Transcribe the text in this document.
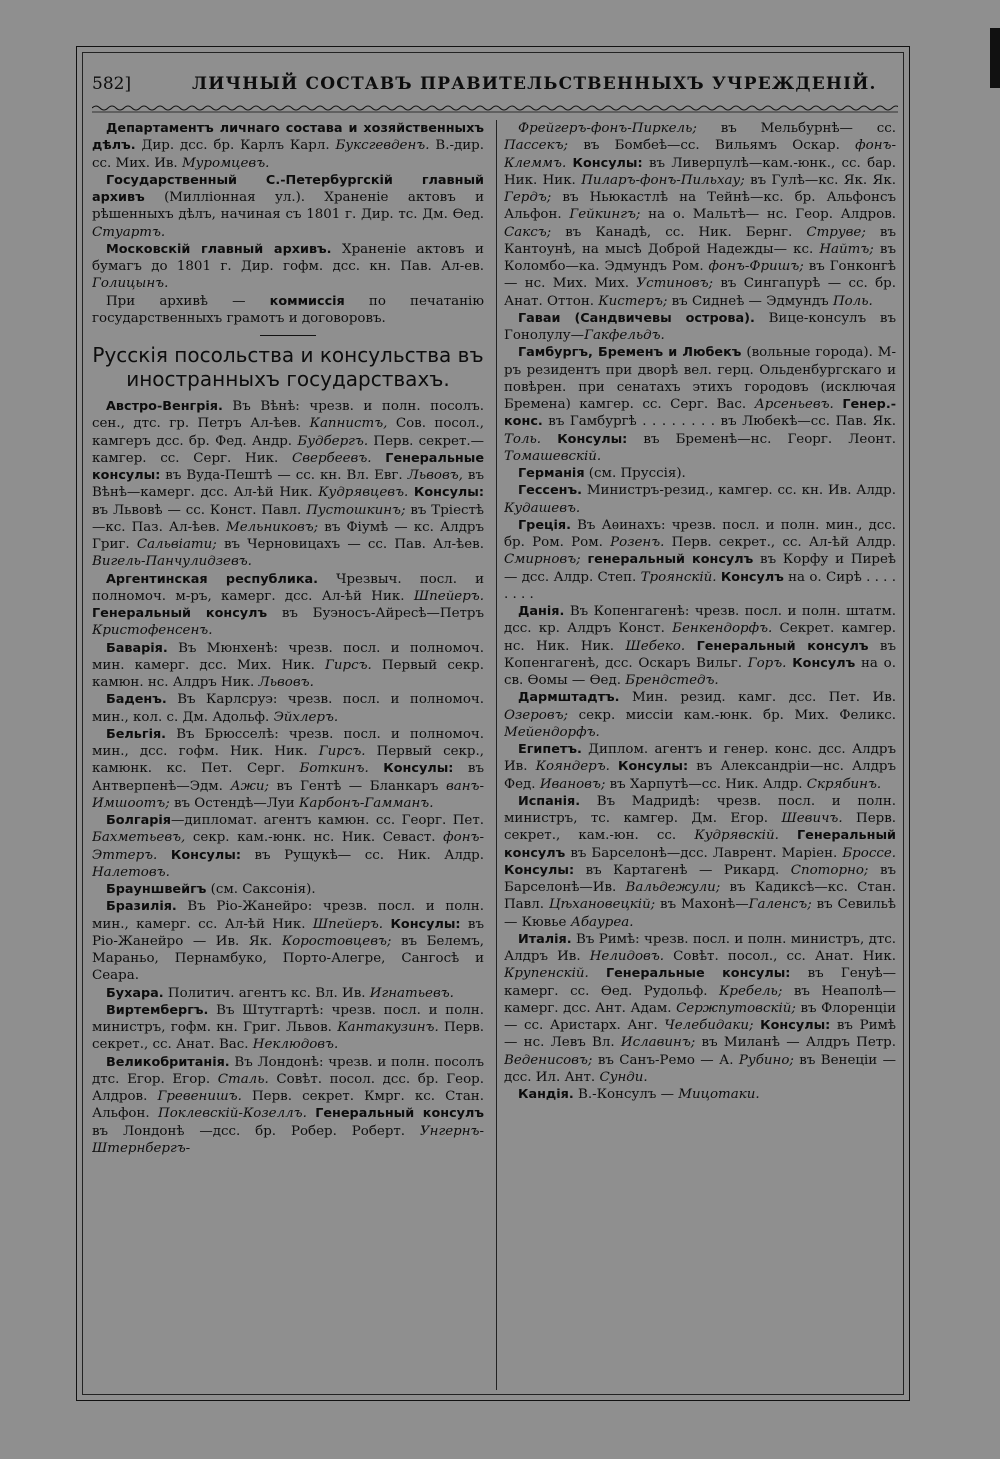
582]	ЛИЧНЫЙ СОСТАВЪ ПРАВИТЕЛЬСТВЕННЫХЪ УЧРЕЖДЕНІЙ.

Департаментъ личнаго состава и хозяйственныхъ дѣлъ. Дир. дсс. бр. Карлъ Карл. Буксгевденъ. В.-дир. сс. Мих. Ив. Муромцевъ.

Государственный С.-Петербургскій главный архивъ (Милліонная ул.). Храненіе актовъ и рѣшенныхъ дѣлъ, начиная съ 1801 г. Дир. тс. Дм. Ѳед. Стуартъ.

Московскій главный архивъ. Храненіе актовъ и бумагъ до 1801 г. Дир. гофм. дсс. кн. Пав. Ал-ев. Голицынъ.

При архивѣ — коммиссія по печатанію государственныхъ грамотъ и договоровъ.

Русскія посольства и консульства въ иностранныхъ государствахъ.

Австро-Венгрія. Въ Вѣнѣ: чрезв. и полн. посолъ. сен., дтс. гр. Петръ Ал-ѣев. Капнистъ, Сов. посол., камгеръ дсс. бр. Фед. Андр. Будбергъ. Перв. секрет.—камгер. сс. Серг. Ник. Свербеевъ. Генеральные консулы: въ Вуда-Пештѣ — сс. кн. Вл. Евг. Львовъ, въ Вѣнѣ—камерг. дсс. Ал-ѣй Ник. Кудрявцевъ. Консулы: въ Львовѣ — сс. Конст. Павл. Пустошкинъ; въ Тріестѣ—кс. Паз. Ал-ѣев. Мельниковъ; въ Фіумѣ — кс. Алдръ Григ. Сальвіати; въ Черновицахъ — сс. Пав. Ал-ѣев. Вигель-Панчулидзевъ.

Аргентинская республика. Чрезвыч. посл. и полномоч. м-ръ, камерг. дсс. Ал-ѣй Ник. Шпейеръ. Генеральный консулъ въ Буэносъ-Айресѣ—Петръ Кристофенсенъ.

Баварія. Въ Мюнхенѣ: чрезв. посл. и полномоч. мин. камерг. дсс. Мих. Ник. Гирсъ. Первый секр. камюн. нс. Алдръ Ник. Львовъ.

Баденъ. Въ Карлсруэ: чрезв. посл. и полномоч. мин., кол. с. Дм. Адольф. Эйхлеръ.

Бельгія. Въ Брюсселѣ: чрезв. посл. и полномоч. мин., дсс. гофм. Ник. Ник. Гирсъ. Первый секр., камюнк. кс. Пет. Серг. Боткинъ. Консулы: въ Антверпенѣ—Эдм. Ажи; въ Гентѣ — Бланкаръ ванъ-Имшоотъ; въ Остендѣ—Луи Карбонъ-Гамманъ.

Болгарія—дипломат. агентъ камюн. сс. Георг. Пет. Бахметьевъ, секр. кам.-юнк. нс. Ник. Севаст. фонъ-Эттеръ. Консулы: въ Рущукѣ— сс. Ник. Алдр. Налетовъ.

Брауншвейгъ (см. Саксонія).

Бразилія. Въ Ріо-Жанейро: чрезв. посл. и полн. мин., камерг. сс. Ал-ѣй Ник. Шпейеръ. Консулы: въ Ріо-Жанейро — Ив. Як. Коростовцевъ; въ Белемъ, Мараньо, Пернамбуко, Порто-Алегре, Сангосѣ и Сеара.

Бухара. Политич. агентъ кс. Вл. Ив. Игнатьевъ.

Виртембергъ. Въ Штутгартѣ: чрезв. посл. и полн. министръ, гофм. кн. Григ. Львов. Кантакузинъ. Перв. секрет., сс. Анат. Вас. Неклюдовъ.

Великобританія. Въ Лондонѣ: чрезв. и полн. посолъ дтс. Егор. Егор. Сталь. Совѣт. посол. дсс. бр. Геор. Алдров. Гревенишъ. Перв. секрет. Кмрг. кс. Стан. Альфон. Поклевскій-Козеллъ. Генеральный консулъ въ Лондонѣ —дсс. бр. Робер. Роберт. Унгернъ-Штернбергъ-

Фрейгеръ-фонъ-Пиркель; въ Мельбурнѣ— сс. Пассекъ; въ Бомбеѣ—сс. Вильямъ Оскар. фонъ-Клеммъ. Консулы: въ Ливерпулѣ—кам.-юнк., сс. бар. Ник. Ник. Пиларъ-фонъ-Пильхау; въ Гулѣ—кс. Як. Як. Гердъ; въ Ньюкастлѣ на Тейнѣ—кс. бр. Альфонсъ Альфон. Гейкингъ; на о. Мальтѣ— нс. Геор. Алдров. Саксъ; въ Канадѣ, сс. Ник. Бернг. Струве; въ Кантоунѣ, на мысѣ Доброй Надежды— кс. Найтъ; въ Коломбо—ка. Эдмундъ Ром. фонъ-Фришъ; въ Гонконгѣ — нс. Мих. Мих. Устиновъ; въ Сингапурѣ — сс. бр. Анат. Оттон. Кистеръ; въ Сиднеѣ — Эдмундъ Поль.

Гаваи (Сандвичевы острова). Вице-консулъ въ Гонолулу—Гакфельдъ.

Гамбургъ, Бременъ и Любекъ (вольные города). М-ръ резидентъ при дворѣ вел. герц. Ольденбургскаго и повѣрен. при сенатахъ этихъ городовъ (исключая Бремена) камгер. сс. Серг. Вас. Арсеньевъ. Генер.-конс. въ Гамбургѣ . . . . . . . . въ Любекѣ—сс. Пав. Як. Толь. Консулы: въ Бременѣ—нс. Георг. Леонт. Томашевскій.

Германія (см. Пруссія).

Гессенъ. Министръ-резид., камгер. сс. кн. Ив. Алдр. Кудашевъ.

Греція. Въ Аѳинахъ: чрезв. посл. и полн. мин., дсс. бр. Ром. Ром. Розенъ. Перв. секрет., сс. Ал-ѣй Алдр. Смирновъ; генеральный консулъ въ Корфу и Пиреѣ — дсс. Алдр. Степ. Троянскій. Консулъ на о. Сирѣ . . . . . . . .

Данія. Въ Копенгагенѣ: чрезв. посл. и полн. штатм. дсс. кр. Алдръ Конст. Бенкендорфъ. Секрет. камгер. нс. Ник. Ник. Шебеко. Генеральный консулъ въ Копенгагенѣ, дсс. Оскаръ Вильг. Горъ. Консулъ на о. св. Ѳомы — Ѳед. Брендстедъ.

Дармштадтъ. Мин. резид. камг. дсс. Пет. Ив. Озеровъ; секр. миссіи кам.-юнк. бр. Мих. Феликс. Мейендорфъ.

Египетъ. Диплом. агентъ и генер. конс. дсс. Алдръ Ив. Кояндеръ. Консулы: въ Александріи—нс. Алдръ Фед. Ивановъ; въ Харпутѣ—сс. Ник. Алдр. Скрябинъ.

Испанія. Въ Мадридѣ: чрезв. посл. и полн. министръ, тс. камгер. Дм. Егор. Шевичъ. Перв. секрет., кам.-юн. сс. Кудрявскій. Генеральный консулъ въ Барселонѣ—дсс. Лаврент. Маріен. Броссе. Консулы: въ Картагенѣ — Рикард. Споторно; въ Барселонѣ—Ив. Вальдежули; въ Кадиксѣ—кс. Стан. Павл. Цѣхановецкій; въ Махонѣ—Галенсъ; въ Севильѣ— Кювье Абауреа.

Италія. Въ Римѣ: чрезв. посл. и полн. министръ, дтс. Алдръ Ив. Нелидовъ. Совѣт. посол., сс. Анат. Ник. Крупенскій. Генеральные консулы: въ Генуѣ—камерг. сс. Ѳед. Рудольф. Кребель; въ Неаполѣ—камерг. дсс. Ант. Адам. Сержпутовскій; въ Флоренціи— сс. Аристарх. Анг. Челебидаки; Консулы: въ Римѣ — нс. Левъ Вл. Иславинъ; въ Миланѣ — Алдръ Петр. Веденисовъ; въ Санъ-Ремо — А. Рубино; въ Венеціи — дсс. Ил. Ант. Сунди.

Кандія. В.-Консулъ — Мицотаки.
